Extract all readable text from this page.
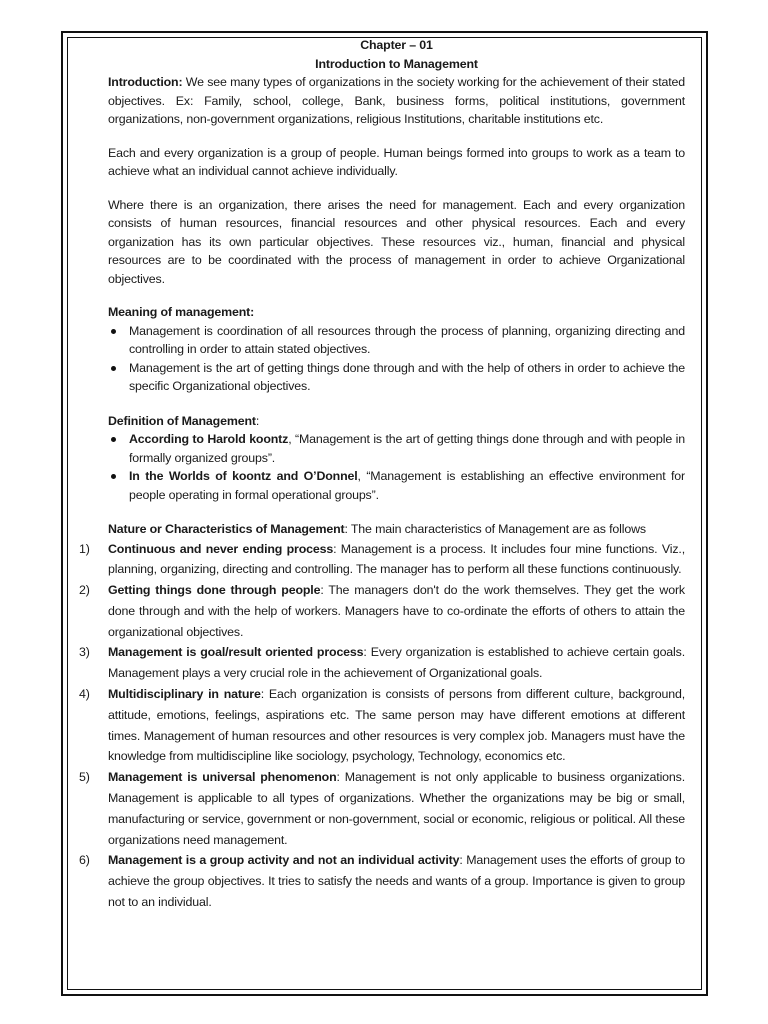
Chapter – 01
Introduction to Management

Introduction: We see many types of organizations in the society working for the achievement of their stated objectives. Ex: Family, school, college, Bank, business forms, political institutions, government organizations, non-government organizations, religious Institutions, charitable institutions etc.

Each and every organization is a group of people. Human beings formed into groups to work as a team to achieve what an individual cannot achieve individually.

Where there is an organization, there arises the need for management. Each and every organization consists of human resources, financial resources and other physical resources. Each and every organization has its own particular objectives. These resources viz., human, financial and physical resources are to be coordinated with the process of management in order to achieve Organizational objectives.

Meaning of management:
Management is coordination of all resources through the process of planning, organizing directing and controlling in order to attain stated objectives.
Management is the art of getting things done through and with the help of others in order to achieve the specific Organizational objectives.
Definition of Management:
According to Harold koontz, “Management is the art of getting things done through and with people in formally organized groups”.
In the Worlds of koontz and O’Donnel, “Management is establishing an effective environment for people operating in formal operational groups”.
Nature or Characteristics of Management: The main characteristics of Management are as follows
1) Continuous and never ending process: Management is a process. It includes four mine functions. Viz., planning, organizing, directing and controlling. The manager has to perform all these functions continuously.
2) Getting things done through people: The managers don't do the work themselves. They get the work done through and with the help of workers. Managers have to co-ordinate the efforts of others to attain the organizational objectives.
3) Management is goal/result oriented process: Every organization is established to achieve certain goals. Management plays a very crucial role in the achievement of Organizational goals.
4) Multidisciplinary in nature: Each organization is consists of persons from different culture, background, attitude, emotions, feelings, aspirations etc. The same person may have different emotions at different times. Management of human resources and other resources is very complex job. Managers must have the knowledge from multidiscipline like sociology, psychology, Technology, economics etc.
5) Management is universal phenomenon: Management is not only applicable to business organizations. Management is applicable to all types of organizations. Whether the organizations may be big or small, manufacturing or service, government or non-government, social or economic, religious or political. All these organizations need management.
6) Management is a group activity and not an individual activity: Management uses the efforts of group to achieve the group objectives. It tries to satisfy the needs and wants of a group. Importance is given to group not to an individual.
